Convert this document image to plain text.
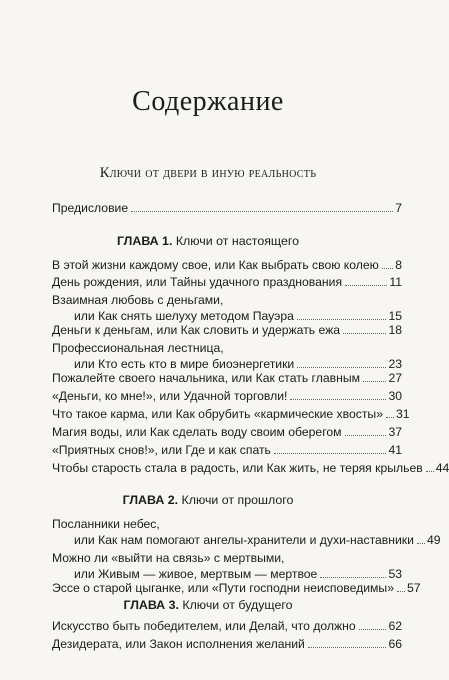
Содержание
Ключи от двери в иную реальность
Предисловие	7
В этой жизни каждому свое, или Как выбрать свою колею 8
День рождения, или Тайны удачного празднования	11
Взаимная любовь с деньгами,
или Как снять шелуху методом Пауэра	15
Деньги к деньгам, или Как словить и удержать ежа	18
Профессиональная лестница,
или Кто есть кто в мире биоэнергетики	23
Пожалейте своего начальника, или Как стать главным 27
«Деньги, ко мне!», или Удачной торговли!	30
Что такое карма, или Как обрубить «кармические хвосты» 31
Магия воды, или Как сделать воду своим оберегом	37
«Приятных снов!», или Где и как спать	41
Чтобы старость стала в радость, или Как жить, не теряя крыльев 44
Посланники небес,
или Как нам помогают ангелы-хранители и духи-наставники 49
Можно ли «выйти на связь» с мертвыми,
или Живым — живое, мертвым — мертвое	53
Эссе о старой цыганке, или «Пути господни неисповедимы» 57
Искусство быть победителем, или Делай, что должно	62
Дезидерата, или Закон исполнения желаний	66
ГЛАВА 1. Ключи от настоящего
ГЛАВА 2. Ключи от прошлого
ГЛАВА 3. Ключи от будущего
